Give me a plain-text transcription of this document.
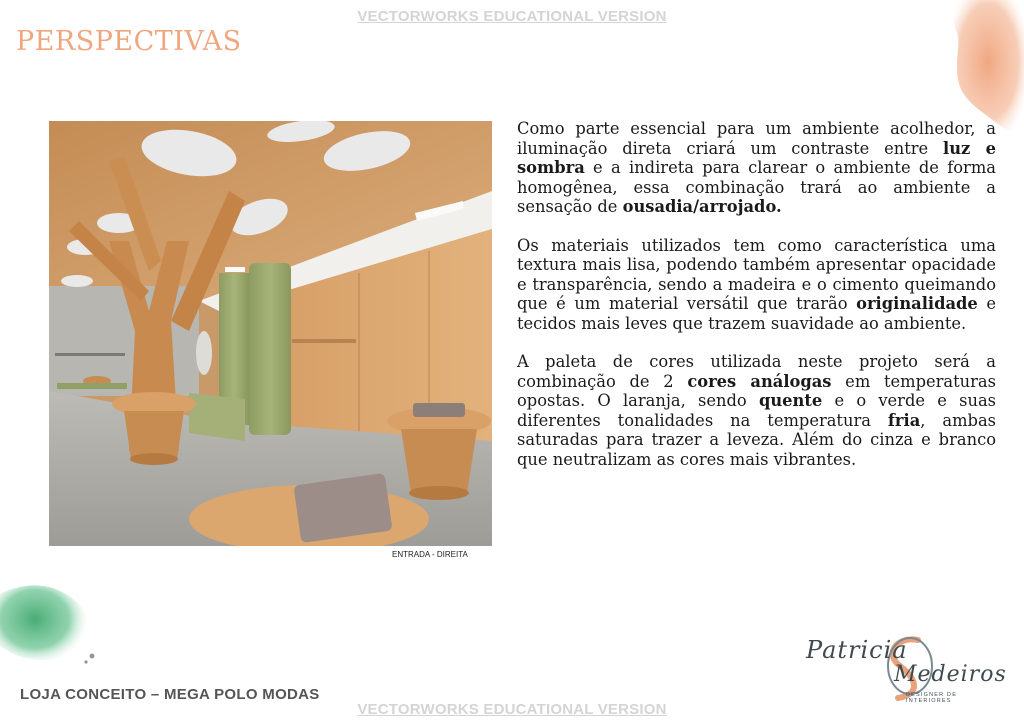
VECTORWORKS EDUCATIONAL VERSION
PERSPECTIVAS
ENTRADA - DIREITA

Como parte essencial para um ambiente acolhedor, a iluminação direta criará um contraste entre luz e sombra e a indireta para clarear o ambiente de forma homogênea, essa combinação trará ao ambiente a sensação de ousadia/arrojado.

Os materiais utilizados tem como característica uma textura mais lisa, podendo também apresentar opacidade e transparência, sendo a madeira e o cimento queimando que é um material versátil que trarão originalidade e tecidos mais leves que trazem suavidade ao ambiente.

A paleta de cores utilizada neste projeto será a combinação de 2 cores análogas em temperaturas opostas. O laranja, sendo quente e o verde e suas diferentes tonalidades na temperatura fria, ambas saturadas para trazer a leveza. Além do cinza e branco que neutralizam as cores mais vibrantes.

LOJA CONCEITO – MEGA POLO MODAS
Patricia
Medeiros
DESIGNER DE INTERIORES
VECTORWORKS EDUCATIONAL VERSION
